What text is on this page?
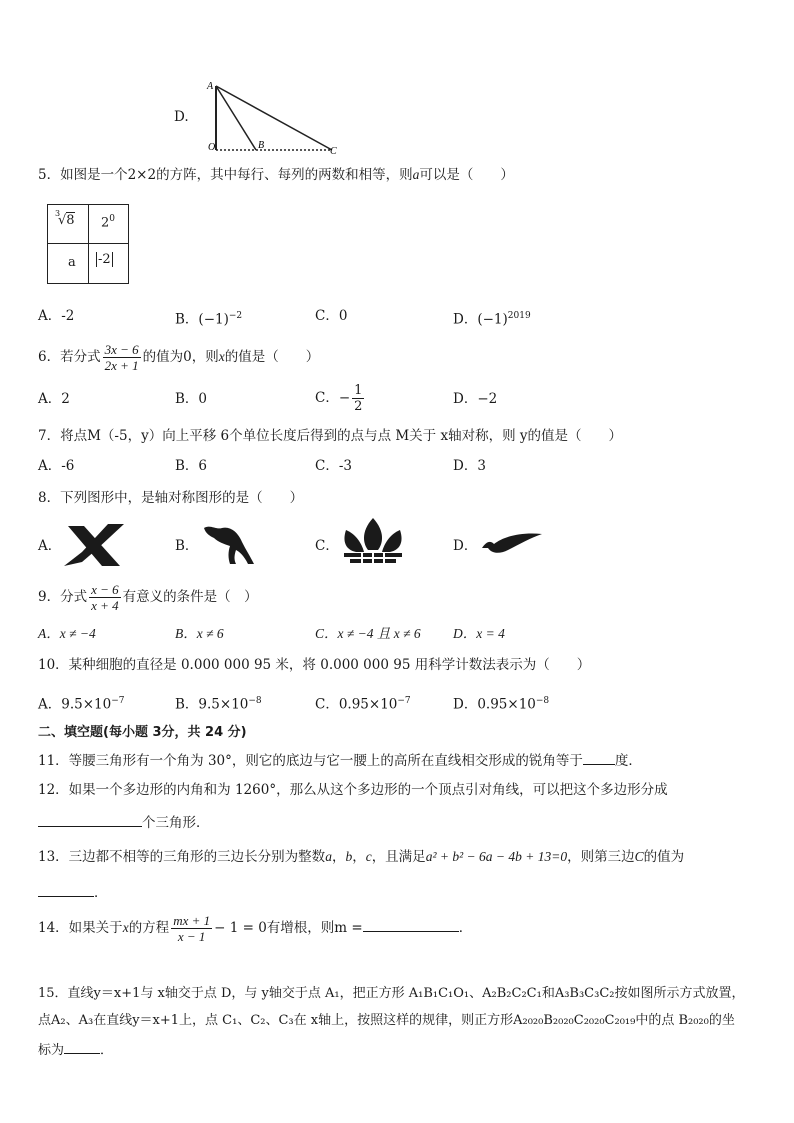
D.
A
O	B
C
5．如图是一个2×2的方阵，其中每行、每列的两数和相等，则a可以是（　　）
3
√8 $2^0$
a -2
A．-2	B．$(-1)^{-2}$	C．0	D．$(-1)^{2019}$
6．若分式 $\frac{3x - 6}{2x + 1}$ 的值为0，则x的值是（　　）
A．2	B．0	C．− $\frac{1}{2}$	D．−2
7．将点M（-5，y）向上平移 6个单位长度后得到的点与点 M关于 x轴对称，则 y的值是（　　）
A．-6	B．6	C．-3	D．3
8．下列图形中，是轴对称图形的是（　　）
A．	B．	C．	D．
9．分式 $\frac{x - 6}{x + 4}$ 有意义的条件是（　）
A．x ≠ −4	B．x ≠ 6	C．x ≠ −4 且 x ≠ 6 D．x = 4
10．某种细胞的直径是 0.000 000 95 米，将 0.000 000 95 用科学计数法表示为（　　）
A．$9.5\times 10^{-7}$	B．$9.5\times 10^{-8}$	C．$0.95\times 10^{-7}$	D．$0.95\times 10^{-8}$
二、填空题(每小题 3分，共 24 分)
11．等腰三角形有一个角为 30°，则它的底边与它一腰上的高所在直线相交形成的锐角等于 度．
12．如果一个多边形的内角和为 1260°，那么从这个多边形的一个顶点引对角线，可以把这个多边形分成
个三角形．
13．三边都不相等的三角形的三边长分别为整数a，b，c，且满足a² + b² − 6a − 4b + 13=0，则第三边C的值为
．
14．如果关于x的方程 $\frac{mx + 1}{x - 1} - 1 = 0$有增根，则m =	．
15．直线y＝x+1与 x轴交于点 D，与 y轴交于点 A₁，把正方形 A₁B₁C₁O₁、A₂B₂C₂C₁和A₃B₃C₃C₂按如图所示方式放置，
点A₂、A₃在直线y＝x+1上，点 C₁、C₂、C₃在 x轴上，按照这样的规律，则正方形A₂₀₂₀B₂₀₂₀C₂₀₂₀C₂₀₁₉中的点 B₂₀₂₀的坐
标为	．
